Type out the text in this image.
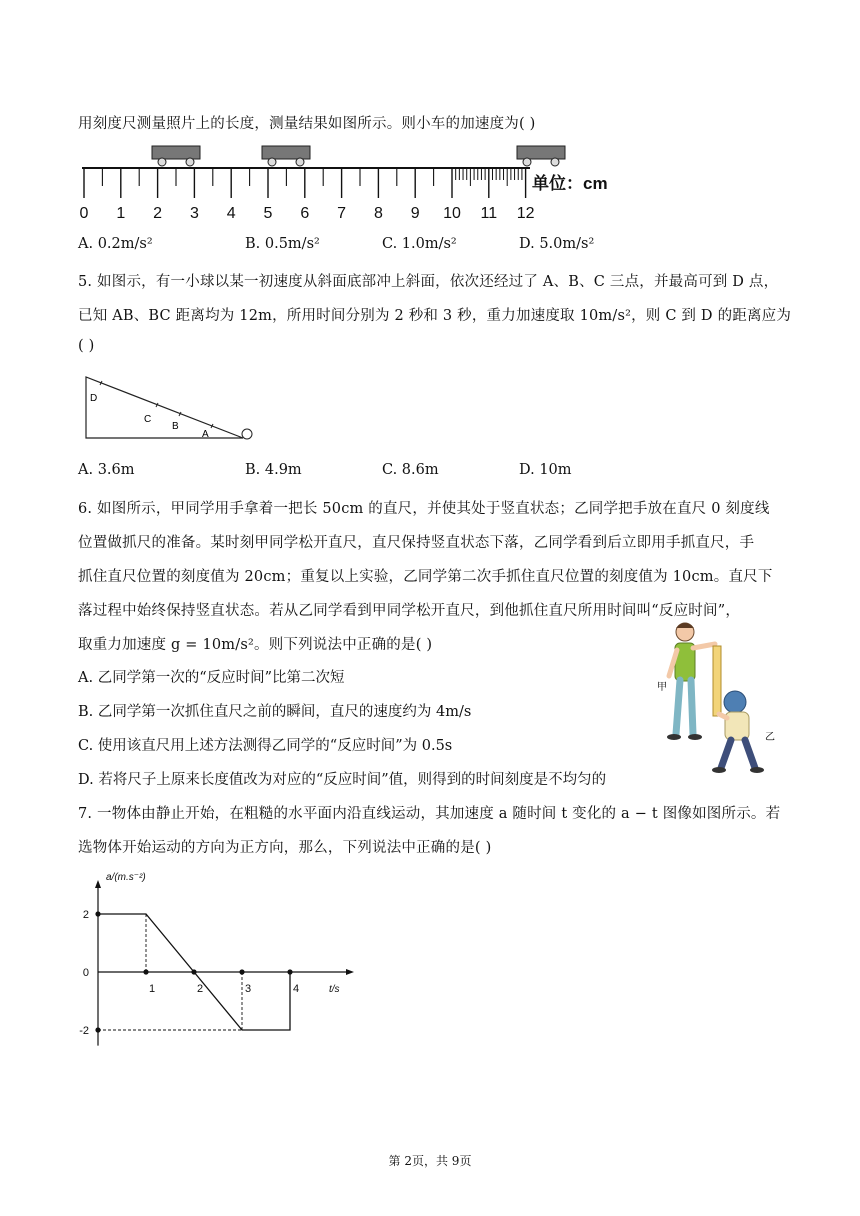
用刻度尺测量照片上的长度，测量结果如图所示。则小车的加速度为( )
0 1 2 3 4 5 6 7 8 9 10 11 12
单位：cm
A. 0.2m/s²	B. 0.5m/s²	C. 1.0m/s²	D. 5.0m/s²
5. 如图示，有一小球以某一初速度从斜面底部冲上斜面，依次还经过了 A、B、C 三点，并最高可到 D 点，
已知 AB、BC 距离均为 12m，所用时间分别为 2 秒和 3 秒，重力加速度取 10m/s²，则 C 到 D 的距离应为
( )
D
C
B
A
A. 3.6m	B. 4.9m	C. 8.6m	D. 10m
6. 如图所示，甲同学用手拿着一把长 50cm 的直尺，并使其处于竖直状态；乙同学把手放在直尺 0 刻度线
位置做抓尺的准备。某时刻甲同学松开直尺，直尺保持竖直状态下落，乙同学看到后立即用手抓直尺，手
抓住直尺位置的刻度值为 20cm；重复以上实验，乙同学第二次手抓住直尺位置的刻度值为 10cm。直尺下
落过程中始终保持竖直状态。若从乙同学看到甲同学松开直尺，到他抓住直尺所用时间叫“反应时间”，
取重力加速度 g = 10m/s²。则下列说法中正确的是( )
A. 乙同学第一次的“反应时间”比第二次短
B. 乙同学第一次抓住直尺之前的瞬间，直尺的速度约为 4m/s
C. 使用该直尺用上述方法测得乙同学的“反应时间”为 0.5s
D. 若将尺子上原来长度值改为对应的“反应时间”值，则得到的时间刻度是不均匀的
甲
乙
7. 一物体由静止开始，在粗糙的水平面内沿直线运动，其加速度 a 随时间 t 变化的 a − t 图像如图所示。若
选物体开始运动的方向为正方向，那么，下列说法中正确的是( )
1	2	3	4
2
0
-2
a/(m.s⁻²)
t/s
第 2页，共 9页
